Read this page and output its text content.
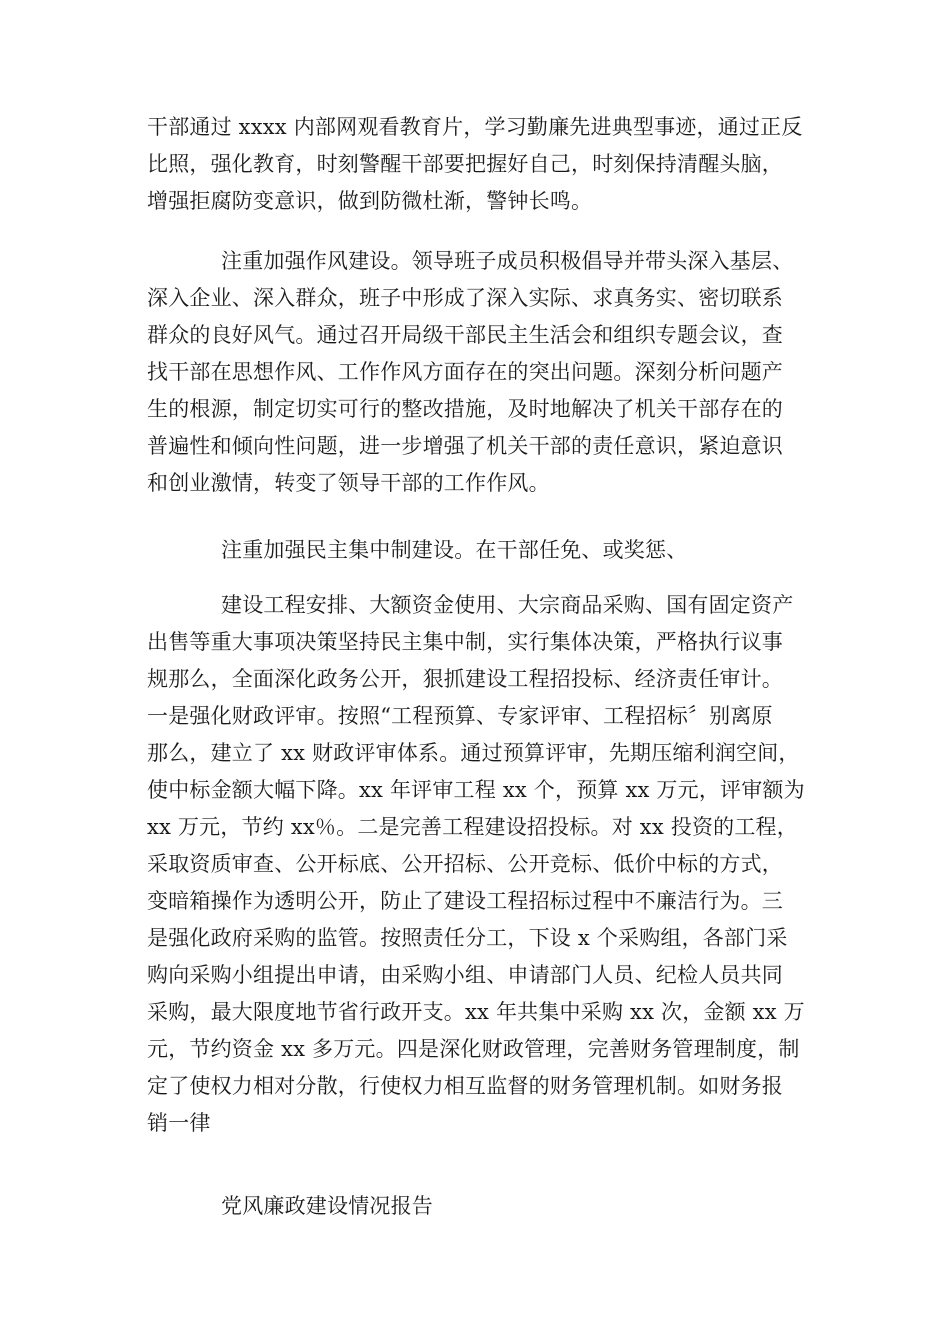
干部通过 xxxx 内部网观看教育片，学习勤廉先进典型事迹，通过正反
比照，强化教育，时刻警醒干部要把握好自己，时刻保持清醒头脑，
增强拒腐防变意识，做到防微杜渐，警钟长鸣。
注重加强作风建设。领导班子成员积极倡导并带头深入基层、
深入企业、深入群众，班子中形成了深入实际、求真务实、密切联系
群众的良好风气。通过召开局级干部民主生活会和组织专题会议，查
找干部在思想作风、工作作风方面存在的突出问题。深刻分析问题产
生的根源，制定切实可行的整改措施，及时地解决了机关干部存在的
普遍性和倾向性问题，进一步增强了机关干部的责任意识，紧迫意识
和创业激情，转变了领导干部的工作作风。
注重加强民主集中制建设。在干部任免、或奖惩、
建设工程安排、大额资金使用、大宗商品采购、国有固定资产
出售等重大事项决策坚持民主集中制，实行集体决策，严格执行议事
规那么，全面深化政务公开，狠抓建设工程招投标、经济责任审计。
一是强化财政评审。按照“工程预算、专家评审、工程招标〞别离原
那么，建立了 xx 财政评审体系。通过预算评审，先期压缩利润空间，
使中标金额大幅下降。xx 年评审工程 xx 个，预算 xx 万元，评审额为
xx 万元，节约 xx％。二是完善工程建设招投标。对 xx 投资的工程，
采取资质审查、公开标底、公开招标、公开竞标、低价中标的方式，
变暗箱操作为透明公开，防止了建设工程招标过程中不廉洁行为。三
是强化政府采购的监管。按照责任分工，下设 x 个采购组，各部门采
购向采购小组提出申请，由采购小组、申请部门人员、纪检人员共同
采购，最大限度地节省行政开支。xx 年共集中采购 xx 次，金额 xx 万
元，节约资金 xx 多万元。四是深化财政管理，完善财务管理制度，制
定了使权力相对分散，行使权力相互监督的财务管理机制。如财务报
销一律
党风廉政建设情况报告
